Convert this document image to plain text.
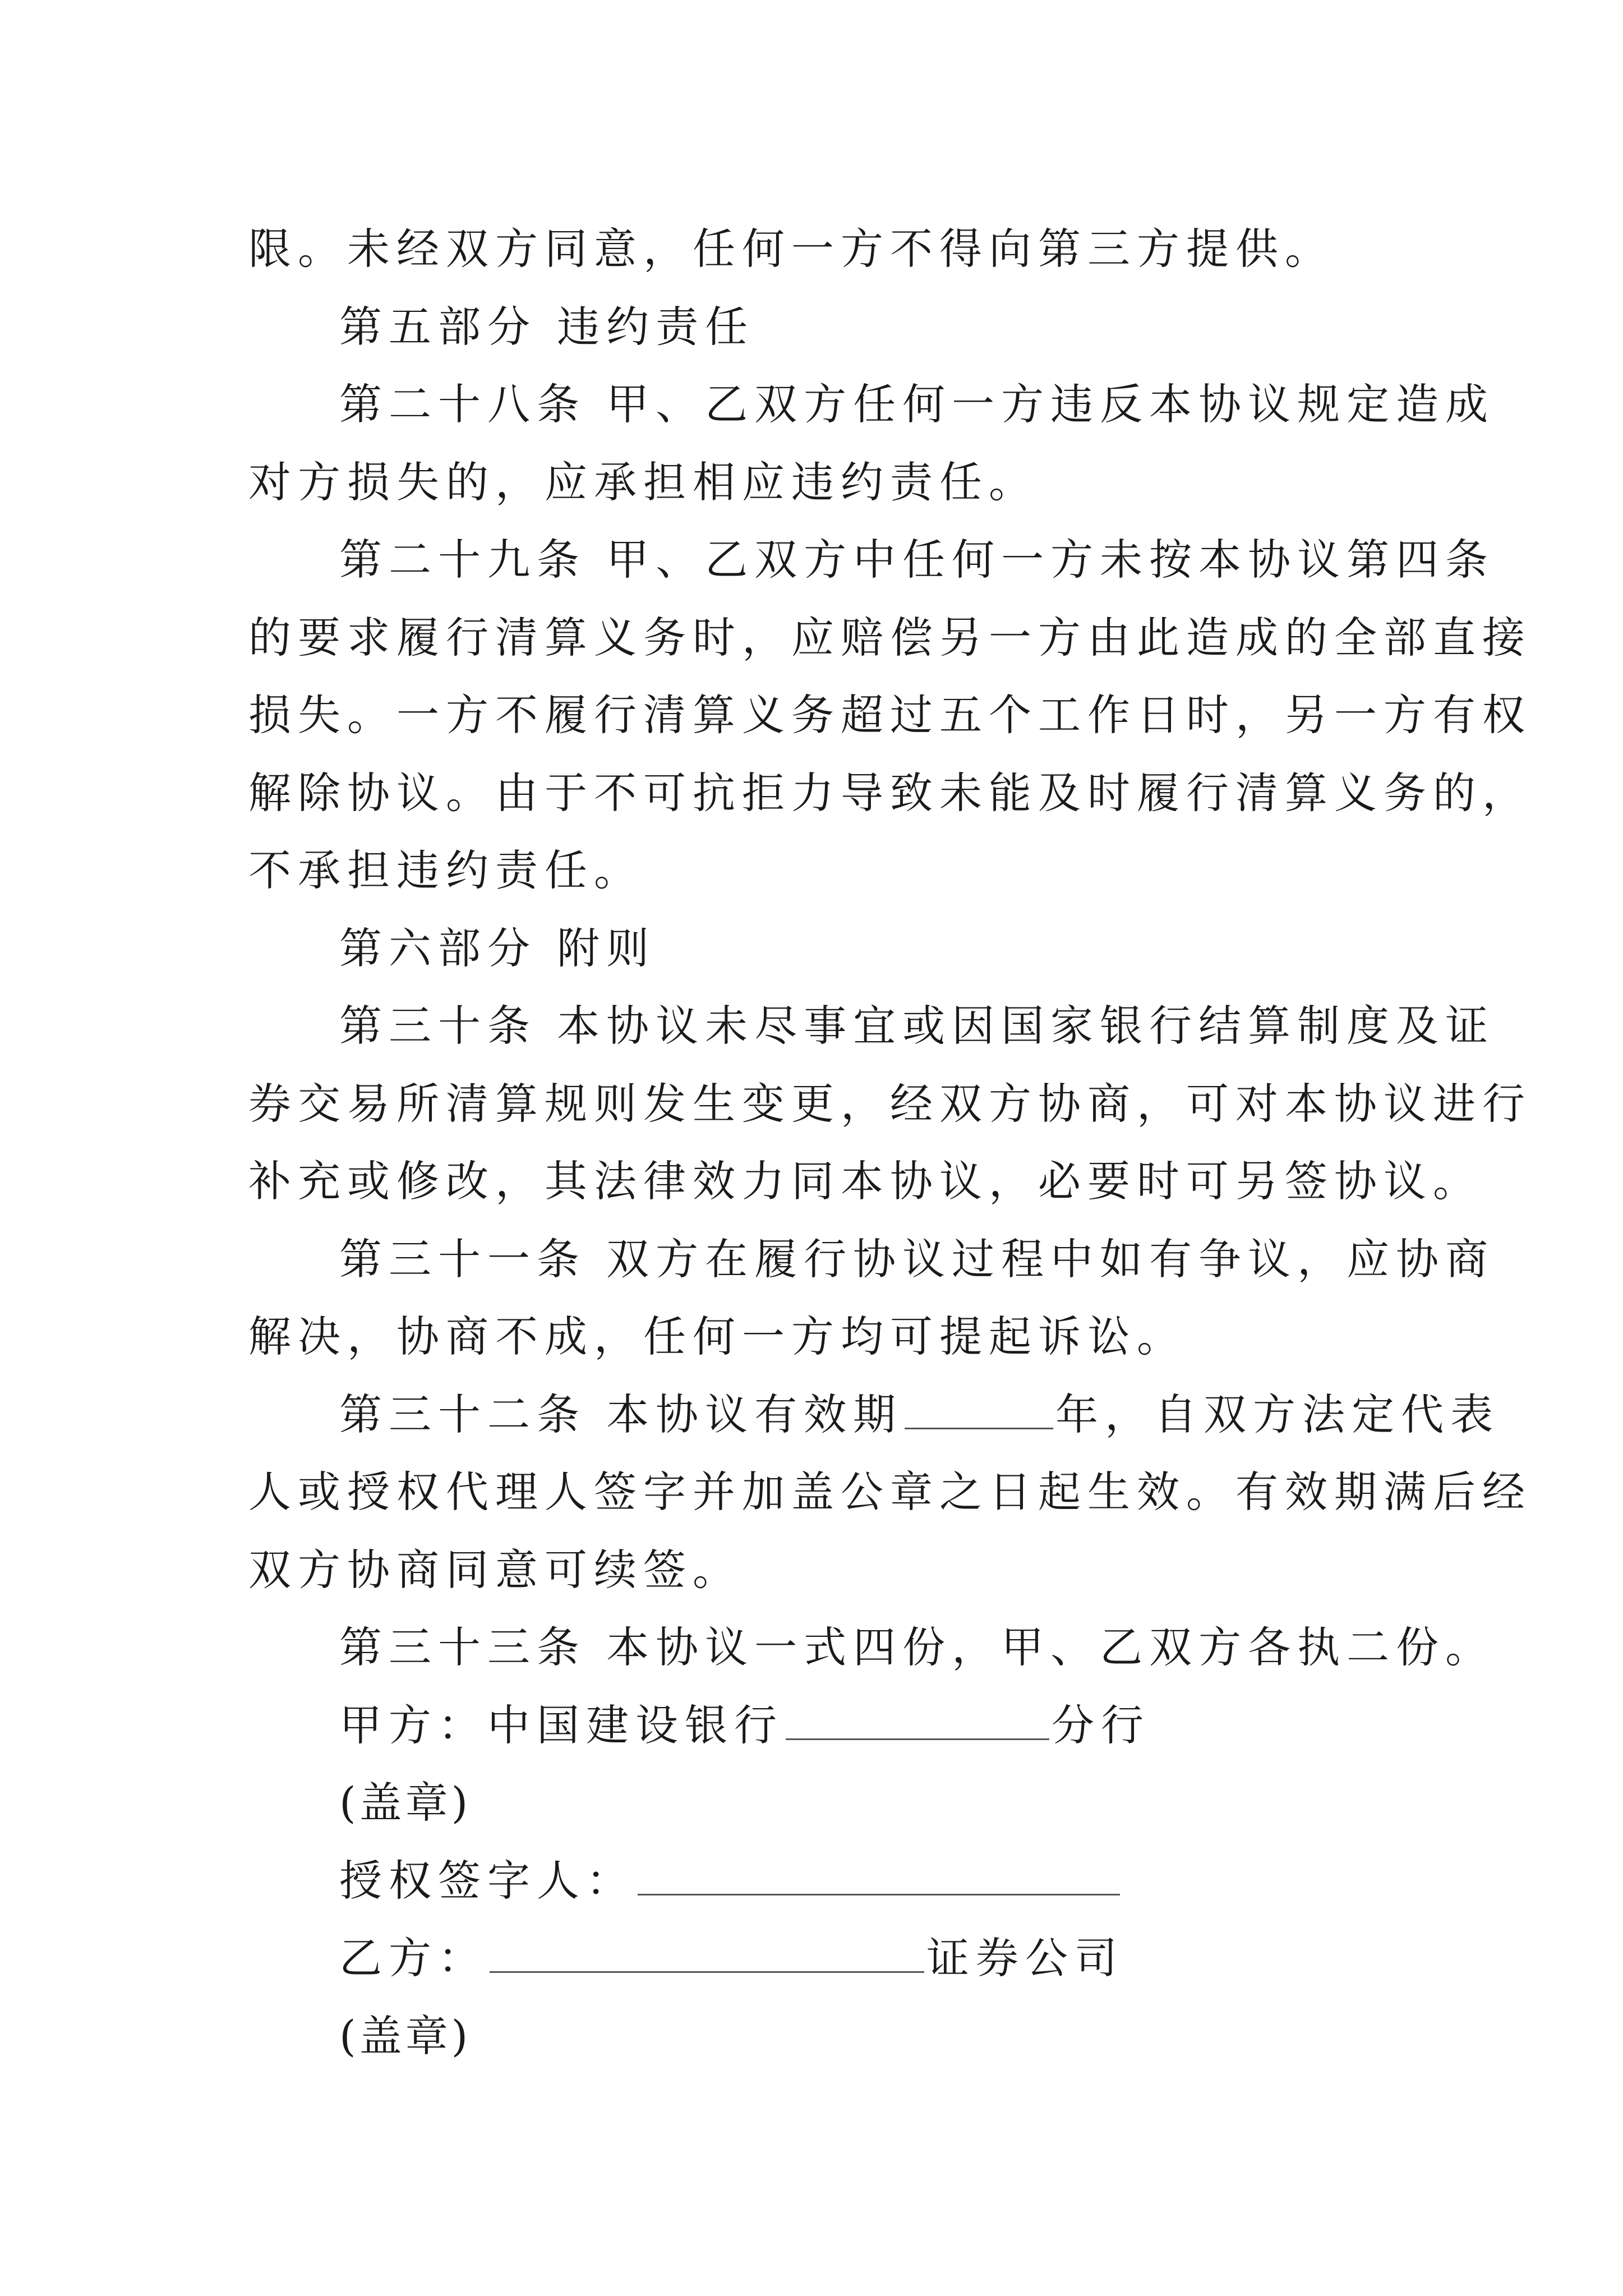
限。未经双方同意，任何一方不得向第三方提供。
第五部分 违约责任
第二十八条 甲、乙双方任何一方违反本协议规定造成
对方损失的，应承担相应违约责任。
第二十九条 甲、乙双方中任何一方未按本协议第四条
的要求履行清算义务时，应赔偿另一方由此造成的全部直接
损失。一方不履行清算义务超过五个工作日时，另一方有权
解除协议。由于不可抗拒力导致未能及时履行清算义务的，
不承担违约责任。
第六部分 附则
第三十条 本协议未尽事宜或因国家银行结算制度及证
券交易所清算规则发生变更，经双方协商，可对本协议进行
补充或修改，其法律效力同本协议，必要时可另签协议。
第三十一条 双方在履行协议过程中如有争议，应协商
解决，协商不成，任何一方均可提起诉讼。
第三十二条 本协议有效期	年，自双方法定代表
人或授权代理人签字并加盖公章之日起生效。有效期满后经
双方协商同意可续签。
第三十三条 本协议一式四份，甲、乙双方各执二份。
甲方：中国建设银行	分行
(盖章)
授权签字人：
乙方：	证券公司
(盖章)
